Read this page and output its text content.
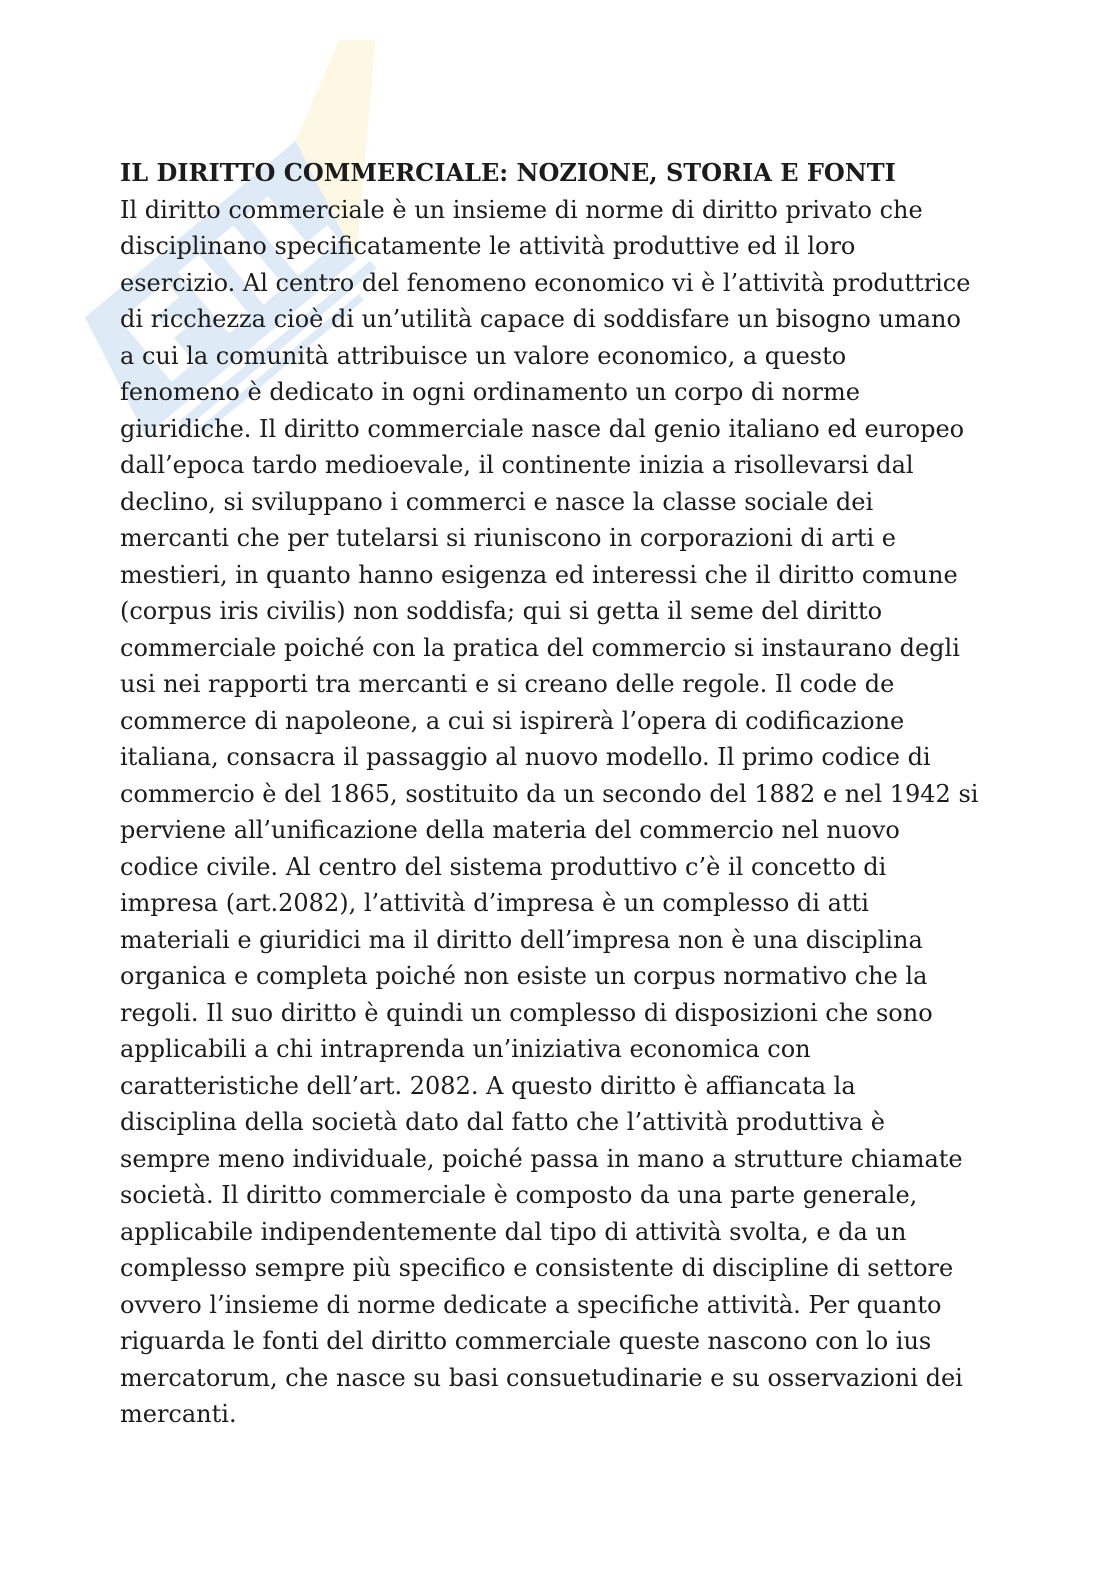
IL DIRITTO COMMERCIALE: NOZIONE, STORIA E FONTI

Il diritto commerciale è un insieme di norme di diritto privato che

disciplinano specificatamente le attività produttive ed il loro

esercizio. Al centro del fenomeno economico vi è l’attività produttrice

di ricchezza cioè di un’utilità capace di soddisfare un bisogno umano

a cui la comunità attribuisce un valore economico, a questo

fenomeno è dedicato in ogni ordinamento un corpo di norme

giuridiche. Il diritto commerciale nasce dal genio italiano ed europeo

dall’epoca tardo medioevale, il continente inizia a risollevarsi dal

declino, si sviluppano i commerci e nasce la classe sociale dei

mercanti che per tutelarsi si riuniscono in corporazioni di arti e

mestieri, in quanto hanno esigenza ed interessi che il diritto comune

(corpus iris civilis) non soddisfa; qui si getta il seme del diritto

commerciale poiché con la pratica del commercio si instaurano degli

usi nei rapporti tra mercanti e si creano delle regole. Il code de

commerce di napoleone, a cui si ispirerà l’opera di codificazione

italiana, consacra il passaggio al nuovo modello. Il primo codice di

commercio è del 1865, sostituito da un secondo del 1882 e nel 1942 si

perviene all’unificazione della materia del commercio nel nuovo

codice civile. Al centro del sistema produttivo c’è il concetto di

impresa (art.2082), l’attività d’impresa è un complesso di atti

materiali e giuridici ma il diritto dell’impresa non è una disciplina

organica e completa poiché non esiste un corpus normativo che la

regoli. Il suo diritto è quindi un complesso di disposizioni che sono

applicabili a chi intraprenda un’iniziativa economica con

caratteristiche dell’art. 2082. A questo diritto è affiancata la

disciplina della società dato dal fatto che l’attività produttiva è

sempre meno individuale, poiché passa in mano a strutture chiamate

società. Il diritto commerciale è composto da una parte generale,

applicabile indipendentemente dal tipo di attività svolta, e da un

complesso sempre più specifico e consistente di discipline di settore

ovvero l’insieme di norme dedicate a specifiche attività. Per quanto

riguarda le fonti del diritto commerciale queste nascono con lo ius

mercatorum, che nasce su basi consuetudinarie e su osservazioni dei

mercanti.
